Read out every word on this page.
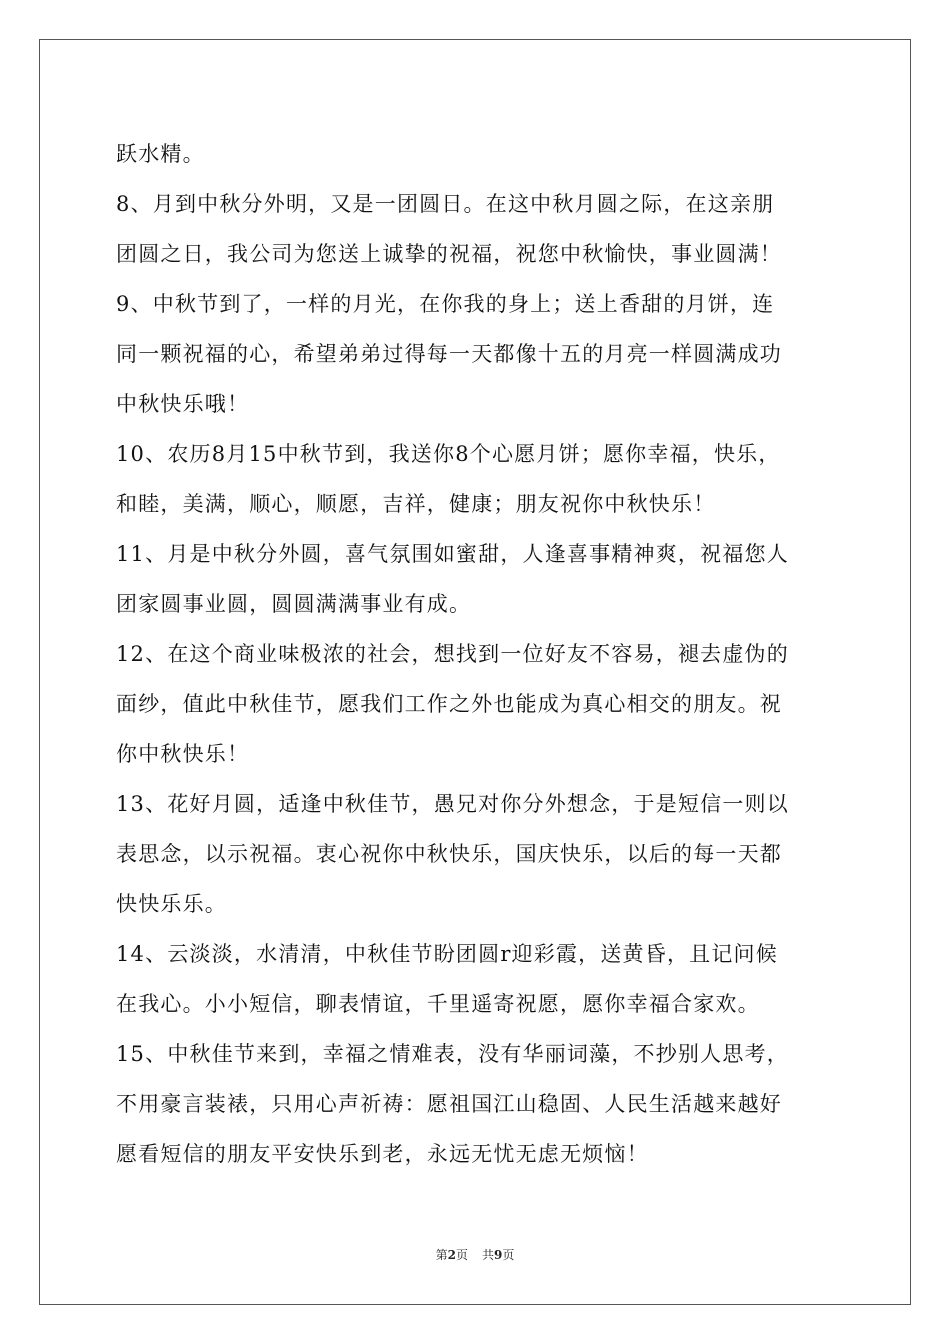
跃水精。
8、月到中秋分外明，又是一团圆日。在这中秋月圆之际，在这亲朋
团圆之日，我公司为您送上诚挚的祝福，祝您中秋愉快，事业圆满！
9、中秋节到了，一样的月光，在你我的身上；送上香甜的月饼，连
同一颗祝福的心，希望弟弟过得每一天都像十五的月亮一样圆满成功
中秋快乐哦！
10、农历8月15中秋节到，我送你8个心愿月饼；愿你幸福，快乐，
和睦，美满，顺心，顺愿，吉祥，健康；朋友祝你中秋快乐！
11、月是中秋分外圆，喜气氛围如蜜甜，人逢喜事精神爽，祝福您人
团家圆事业圆，圆圆满满事业有成。
12、在这个商业味极浓的社会，想找到一位好友不容易，褪去虚伪的
面纱，值此中秋佳节，愿我们工作之外也能成为真心相交的朋友。祝
你中秋快乐！
13、花好月圆，适逢中秋佳节，愚兄对你分外想念，于是短信一则以
表思念，以示祝福。衷心祝你中秋快乐，国庆快乐，以后的每一天都
快快乐乐。
14、云淡淡，水清清，中秋佳节盼团圆r迎彩霞，送黄昏，且记问候
在我心。小小短信，聊表情谊，千里遥寄祝愿，愿你幸福合家欢。
15、中秋佳节来到，幸福之情难表，没有华丽词藻，不抄别人思考，
不用豪言装裱，只用心声祈祷：愿祖国江山稳固、人民生活越来越好
愿看短信的朋友平安快乐到老，永远无忧无虑无烦恼！
第2页 共9页
